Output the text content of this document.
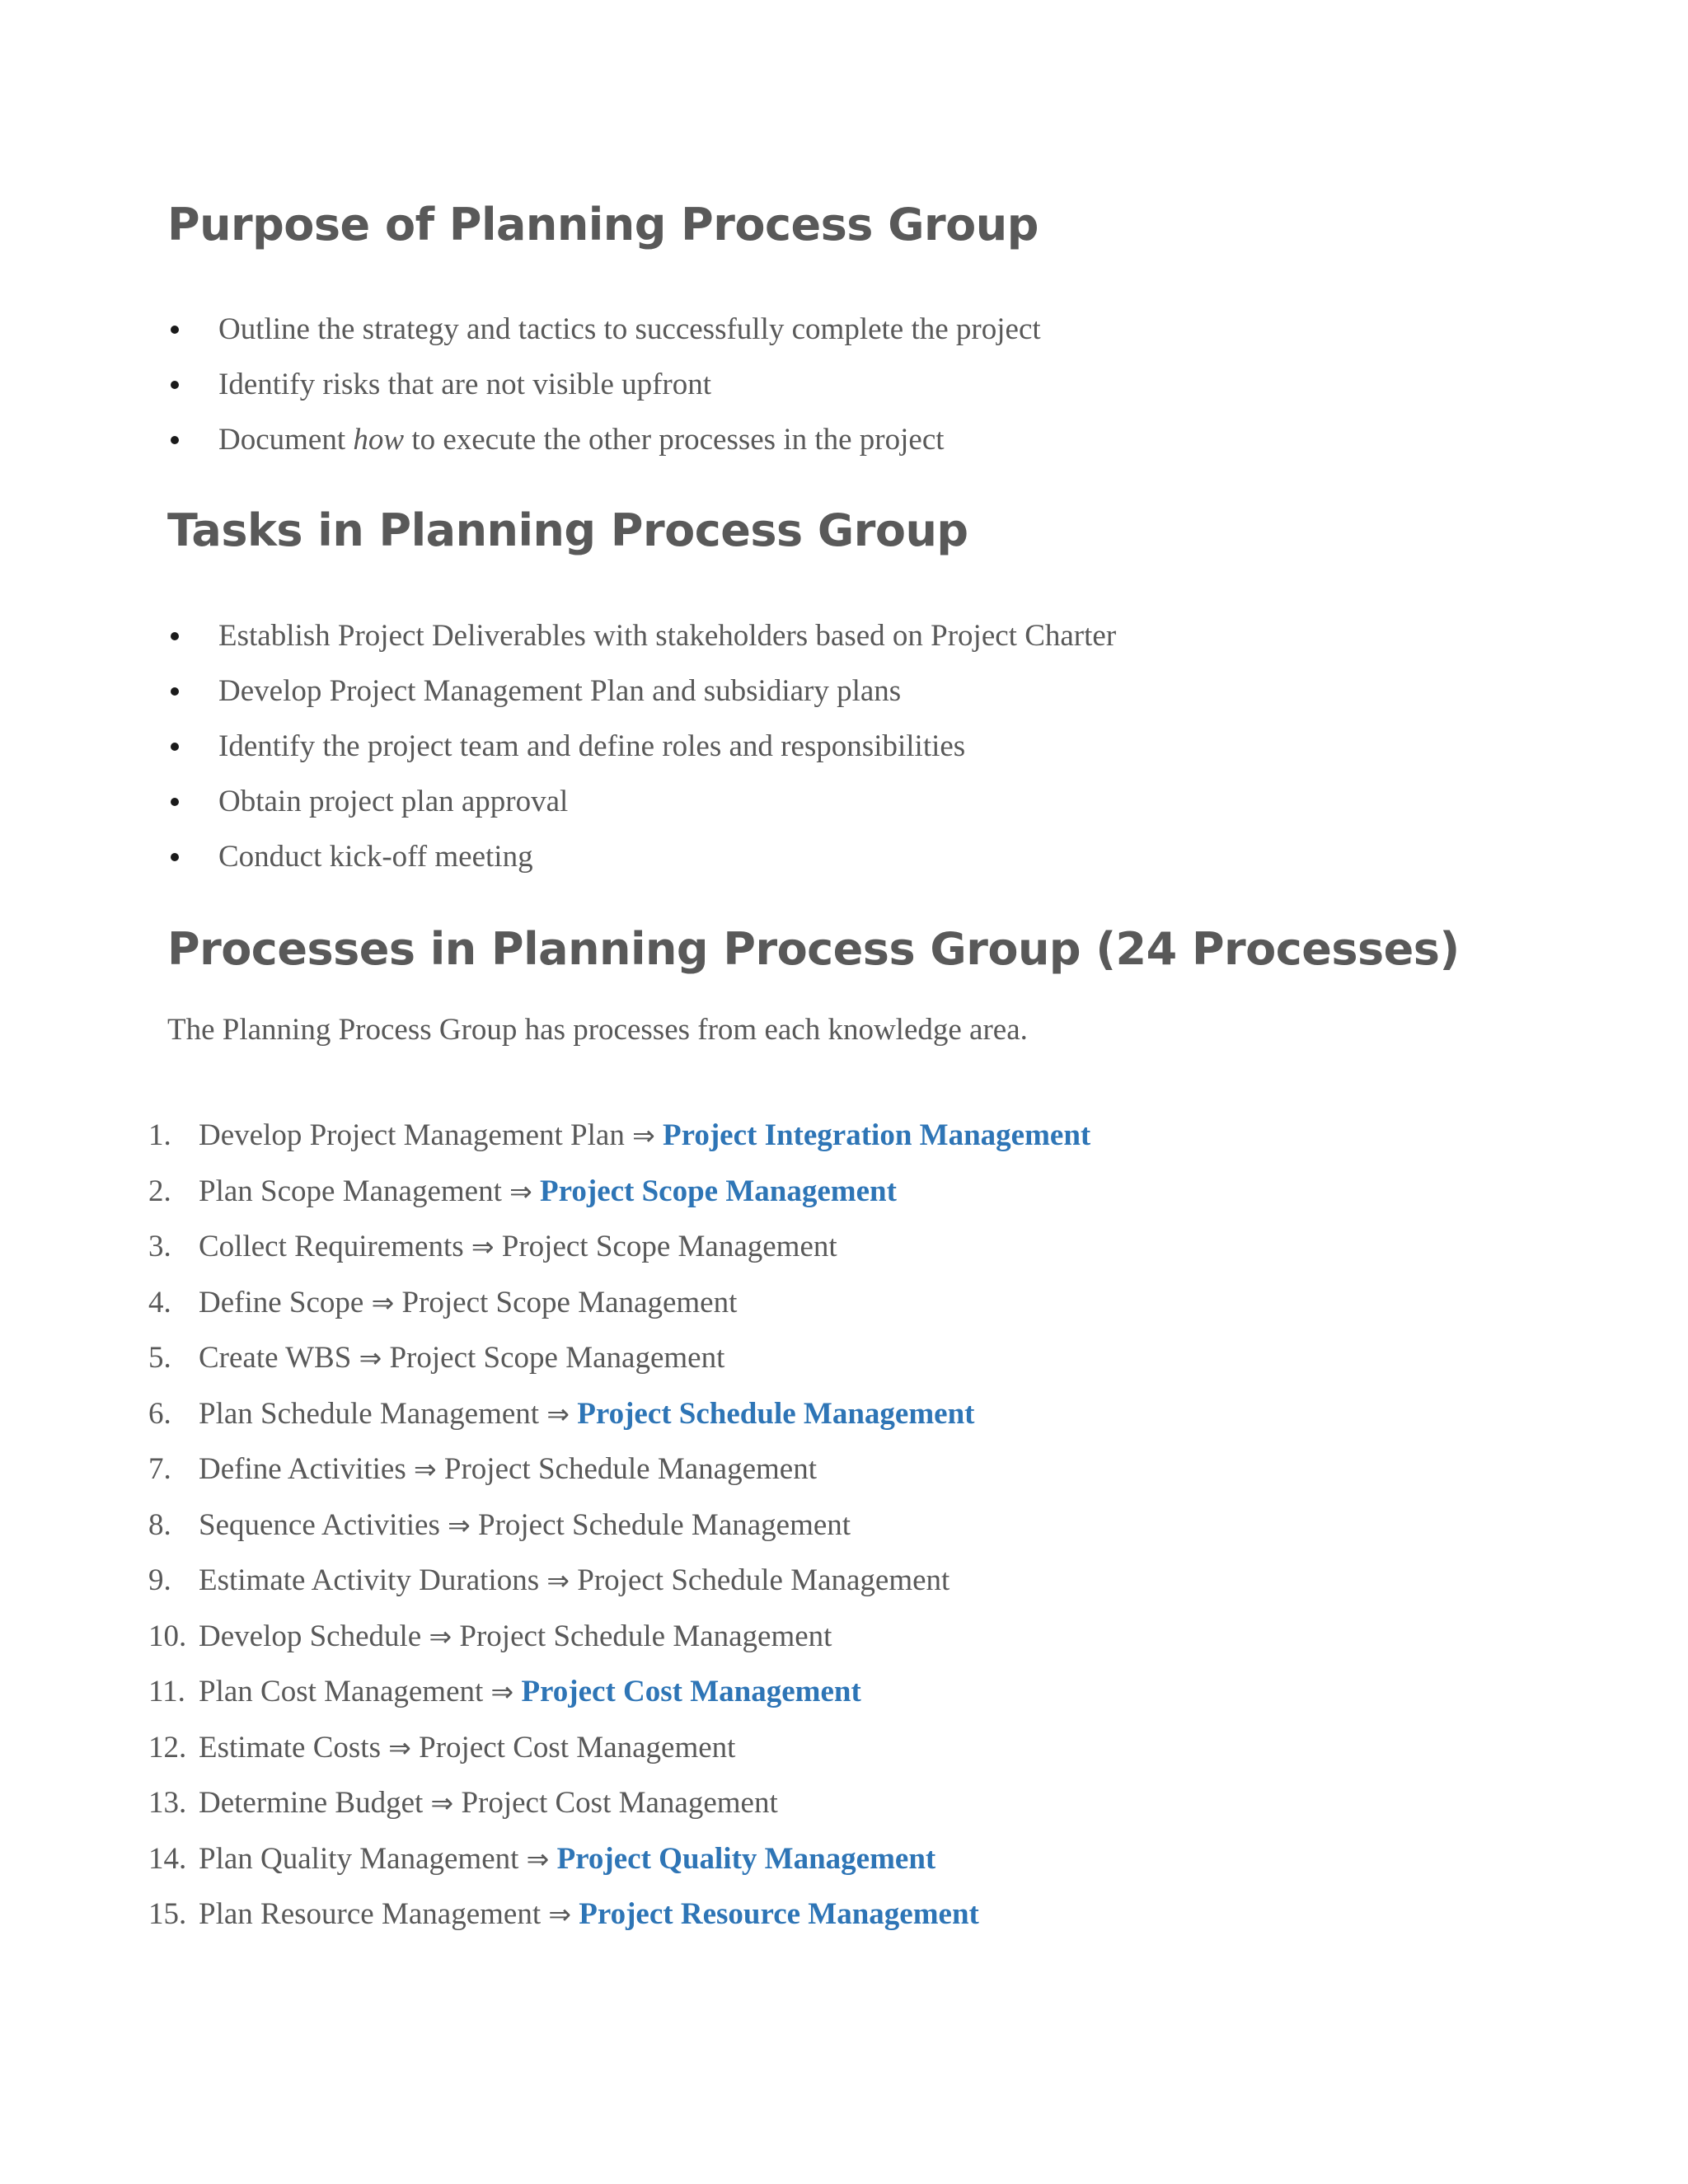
Purpose of Planning Process Group
Outline the strategy and tactics to successfully complete the project
Identify risks that are not visible upfront
Document how to execute the other processes in the project
Tasks in Planning Process Group
Establish Project Deliverables with stakeholders based on Project Charter
Develop Project Management Plan and subsidiary plans
Identify the project team and define roles and responsibilities
Obtain project plan approval
Conduct kick-off meeting
Processes in Planning Process Group (24 Processes)
The Planning Process Group has processes from each knowledge area.
1. Develop Project Management Plan ⇒ Project Integration Management
2. Plan Scope Management ⇒ Project Scope Management
3. Collect Requirements ⇒ Project Scope Management
4. Define Scope ⇒ Project Scope Management
5. Create WBS ⇒ Project Scope Management
6. Plan Schedule Management ⇒ Project Schedule Management
7. Define Activities ⇒ Project Schedule Management
8. Sequence Activities ⇒ Project Schedule Management
9. Estimate Activity Durations ⇒ Project Schedule Management
10. Develop Schedule ⇒ Project Schedule Management
11. Plan Cost Management ⇒ Project Cost Management
12. Estimate Costs ⇒ Project Cost Management
13. Determine Budget ⇒ Project Cost Management
14. Plan Quality Management ⇒ Project Quality Management
15. Plan Resource Management ⇒ Project Resource Management
